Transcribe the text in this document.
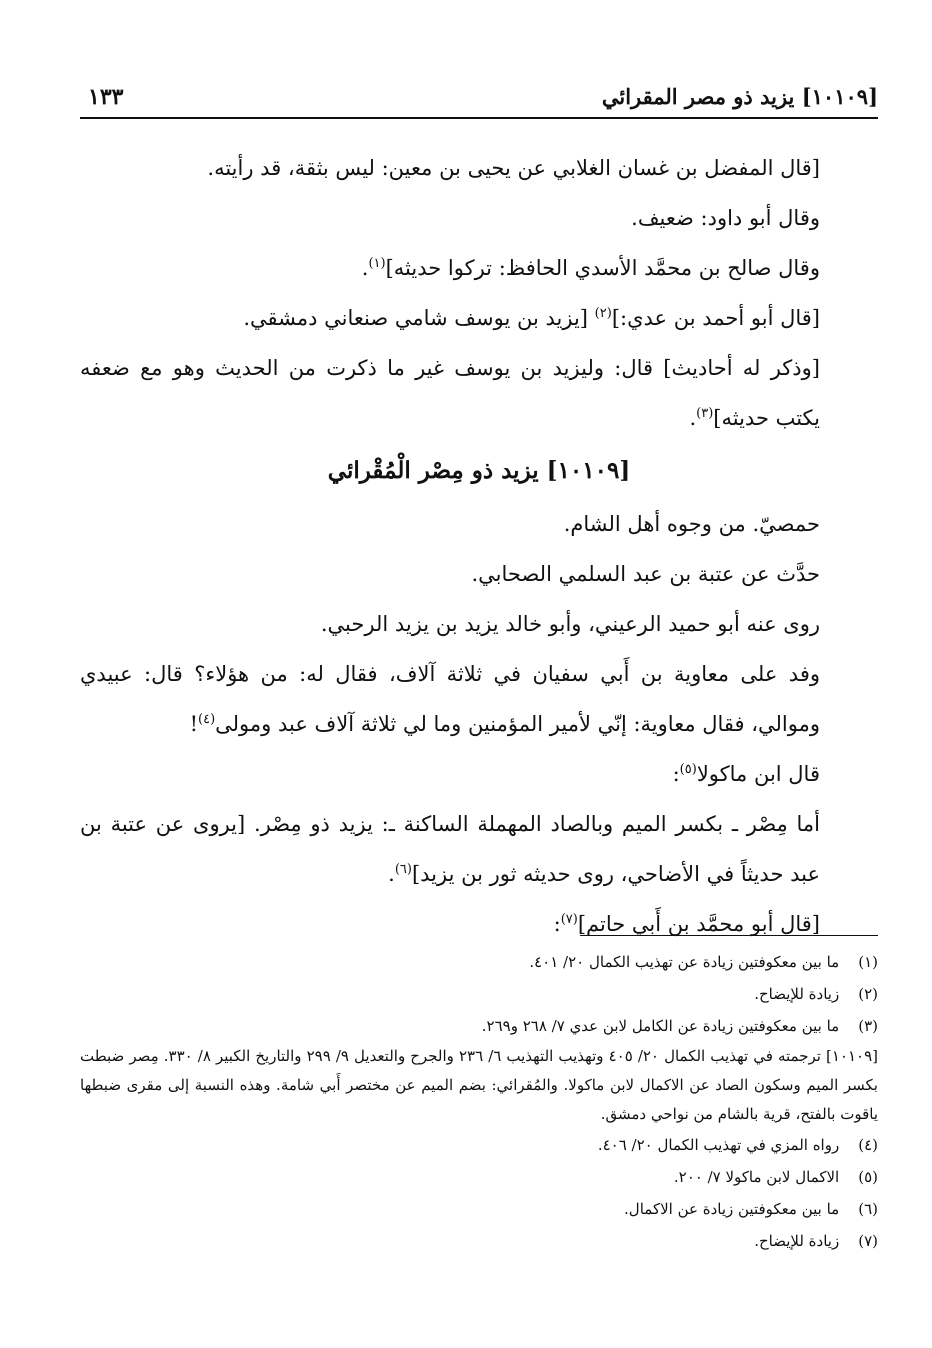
[١٠١٠٩] يزيد ذو مصر المقرائي
١٣٣

[قال المفضل بن غسان الغلابي عن يحيى بن معين: ليس بثقة، قد رأيته.

وقال أبو داود: ضعيف.

وقال صالح بن محمَّد الأسدي الحافظ: تركوا حديثه]$^{(١)}$.

[قال أبو أحمد بن عدي:]$^{(٢)}$ [يزيد بن يوسف شامي صنعاني دمشقي.

[وذكر له أحاديث] قال: وليزيد بن يوسف غير ما ذكرت من الحديث وهو مع ضعفه يكتب حديثه]$^{(٣)}$.

[١٠١٠٩] يزيد ذو مِصْر الْمُقْرائي

حمصيّ. من وجوه أهل الشام.

حدَّث عن عتبة بن عبد السلمي الصحابي.

روى عنه أبو حميد الرعيني، وأبو خالد يزيد بن يزيد الرحبي.

وفد على معاوية بن أَبي سفيان في ثلاثة آلاف، فقال له: من هؤلاء؟ قال: عبيدي وموالي، فقال معاوية: إنّي لأمير المؤمنين وما لي ثلاثة آلاف عبد ومولى$^{(٤)}$!

قال ابن ماكولا$^{(٥)}$:

أما مِصْر ـ بكسر الميم وبالصاد المهملة الساكنة ـ: يزيد ذو مِصْر. [يروى عن عتبة بن عبد حديثاً في الأضاحي، روى حديثه ثور بن يزيد]$^{(٦)}$.

[قال أبو محمَّد بن أَبي حاتم]$^{(٧)}$:

(١) ما بين معكوفتين زيادة عن تهذيب الكمال ٢٠/ ٤٠١.

(٢) زيادة للإيضاح.

(٣) ما بين معكوفتين زيادة عن الكامل لابن عدي ٧/ ٢٦٨ و٢٦٩.

[١٠١٠٩] ترجمته في تهذيب الكمال ٢٠/ ٤٠٥ وتهذيب التهذيب ٦/ ٢٣٦ والجرح والتعديل ٩/ ٢٩٩ والتاريخ الكبير ٨/ ٣٣٠. مِصر ضبطت بكسر الميم وسكون الصاد عن الاكمال لابن ماكولا. والمُقرائي: بضم الميم عن مختصر أَبي شامة. وهذه النسبة إلى مقرى ضبطها ياقوت بالفتح، قرية بالشام من نواحي دمشق.

(٤) رواه المزي في تهذيب الكمال ٢٠/ ٤٠٦.

(٥) الاكمال لابن ماكولا ٧/ ٢٠٠.

(٦) ما بين معكوفتين زيادة عن الاكمال.

(٧) زيادة للإيضاح.
